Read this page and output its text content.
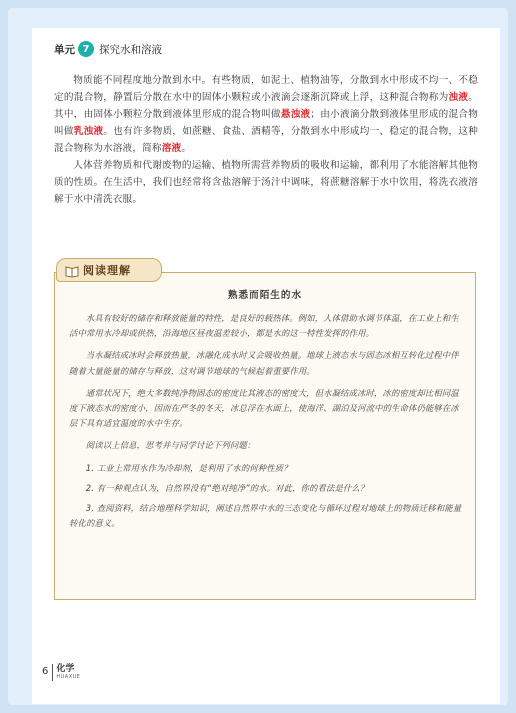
单元 7 探究水和溶液

物质能不同程度地分散到水中。有些物质，如泥土、植物油等，分散到水中形成不均一、不稳定的混合物，静置后分散在水中的固体小颗粒或小液滴会逐渐沉降或上浮，这种混合物称为浊液。其中，由固体小颗粒分散到液体里形成的混合物叫做悬浊液；由小液滴分散到液体里形成的混合物叫做乳浊液。也有许多物质，如蔗糖、食盐、酒精等，分散到水中形成均一、稳定的混合物，这种混合物称为水溶液，简称溶液。

人体营养物质和代谢废物的运输、植物所需营养物质的吸收和运输，都利用了水能溶解其他物质的性质。在生活中，我们也经常将含盐溶解于汤汁中调味，将蔗糖溶解于水中饮用，将洗衣液溶解于水中清洗衣服。

熟悉而陌生的水

水具有较好的储存和释放能量的特性，是良好的载热体。例如，人体借助水调节体温，在工业上和生活中常用水冷却或供热，沿海地区昼夜温差较小，都是水的这一特性发挥的作用。

当水凝结成冰时会释放热量，冰融化成水时又会吸收热量。地球上液态水与固态冰相互转化过程中伴随着大量能量的储存与释放，这对调节地球的气候起着重要作用。

通常状况下，绝大多数纯净物固态的密度比其液态的密度大，但水凝结成冰时，冰的密度却比相同温度下液态水的密度小，因而在严冬的冬天，冰总浮在水面上，使海洋、湖泊及河流中的生命体仍能够在冰层下具有适宜温度的水中生存。

阅读以上信息，思考并与同学讨论下列问题：

1. 工业上常用水作为冷却剂，是利用了水的何种性质？

2. 有一种观点认为，自然界没有“绝对纯净”的水。对此，你的看法是什么？

3. 查阅资料，结合地理科学知识，阐述自然界中水的三态变化与循环过程对地球上的物质迁移和能量转化的意义。

阅读理解
6 化学
HUAXUE
